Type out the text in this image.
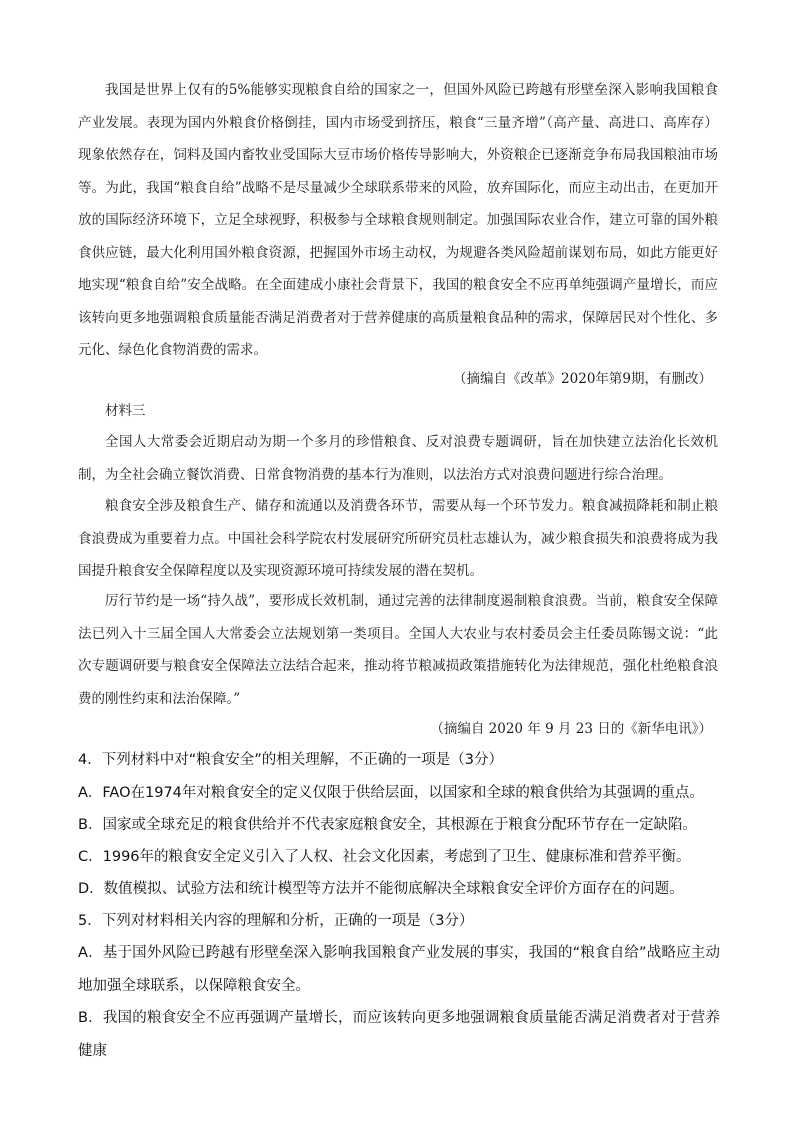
我国是世界上仅有的5%能够实现粮食自给的国家之一，但国外风险已跨越有形壁垒深入影响我国粮食产业发展。表现为国内外粮食价格倒挂，国内市场受到挤压，粮食“三量齐增”（高产量、高进口、高库存）现象依然存在，饲料及国内畜牧业受国际大豆市场价格传导影响大，外资粮企已逐渐竞争布局我国粮油市场等。为此，我国“粮食自给”战略不是尽量减少全球联系带来的风险，放弃国际化，而应主动出击，在更加开放的国际经济环境下，立足全球视野，积极参与全球粮食规则制定。加强国际农业合作，建立可靠的国外粮食供应链，最大化利用国外粮食资源，把握国外市场主动权，为规避各类风险超前谋划布局，如此方能更好地实现“粮食自给”安全战略。在全面建成小康社会背景下，我国的粮食安全不应再单纯强调产量增长，而应该转向更多地强调粮食质量能否满足消费者对于营养健康的高质量粮食品种的需求，保障居民对个性化、多元化、绿色化食物消费的需求。

（摘编自《改革》2020年第9期，有删改）

材料三

全国人大常委会近期启动为期一个多月的珍惜粮食、反对浪费专题调研，旨在加快建立法治化长效机制，为全社会确立餐饮消费、日常食物消费的基本行为准则，以法治方式对浪费问题进行综合治理。

粮食安全涉及粮食生产、储存和流通以及消费各环节，需要从每一个环节发力。粮食减损降耗和制止粮食浪费成为重要着力点。中国社会科学院农村发展研究所研究员杜志雄认为，减少粮食损失和浪费将成为我国提升粮食安全保障程度以及实现资源环境可持续发展的潜在契机。

厉行节约是一场“持久战”，要形成长效机制，通过完善的法律制度遏制粮食浪费。当前，粮食安全保障法已列入十三届全国人大常委会立法规划第一类项目。全国人大农业与农村委员会主任委员陈锡文说：“此次专题调研要与粮食安全保障法立法结合起来，推动将节粮减损政策措施转化为法律规范，强化杜绝粮食浪费的刚性约束和法治保障。”

（摘编自 2020 年 9 月 23 日的《新华电讯》）

4．下列材料中对“粮食安全”的相关理解，不正确的一项是（3分）

A．FAO在1974年对粮食安全的定义仅限于供给层面，以国家和全球的粮食供给为其强调的重点。

B．国家或全球充足的粮食供给并不代表家庭粮食安全，其根源在于粮食分配环节存在一定缺陷。

C．1996年的粮食安全定义引入了人权、社会文化因素，考虑到了卫生、健康标准和营养平衡。

D．数值模拟、试验方法和统计模型等方法并不能彻底解决全球粮食安全评价方面存在的问题。

5．下列对材料相关内容的理解和分析，正确的一项是（3分）

A．基于国外风险已跨越有形壁垒深入影响我国粮食产业发展的事实，我国的“粮食自给”战略应主动地加强全球联系，以保障粮食安全。

B．我国的粮食安全不应再强调产量增长，而应该转向更多地强调粮食质量能否满足消费者对于营养健康
